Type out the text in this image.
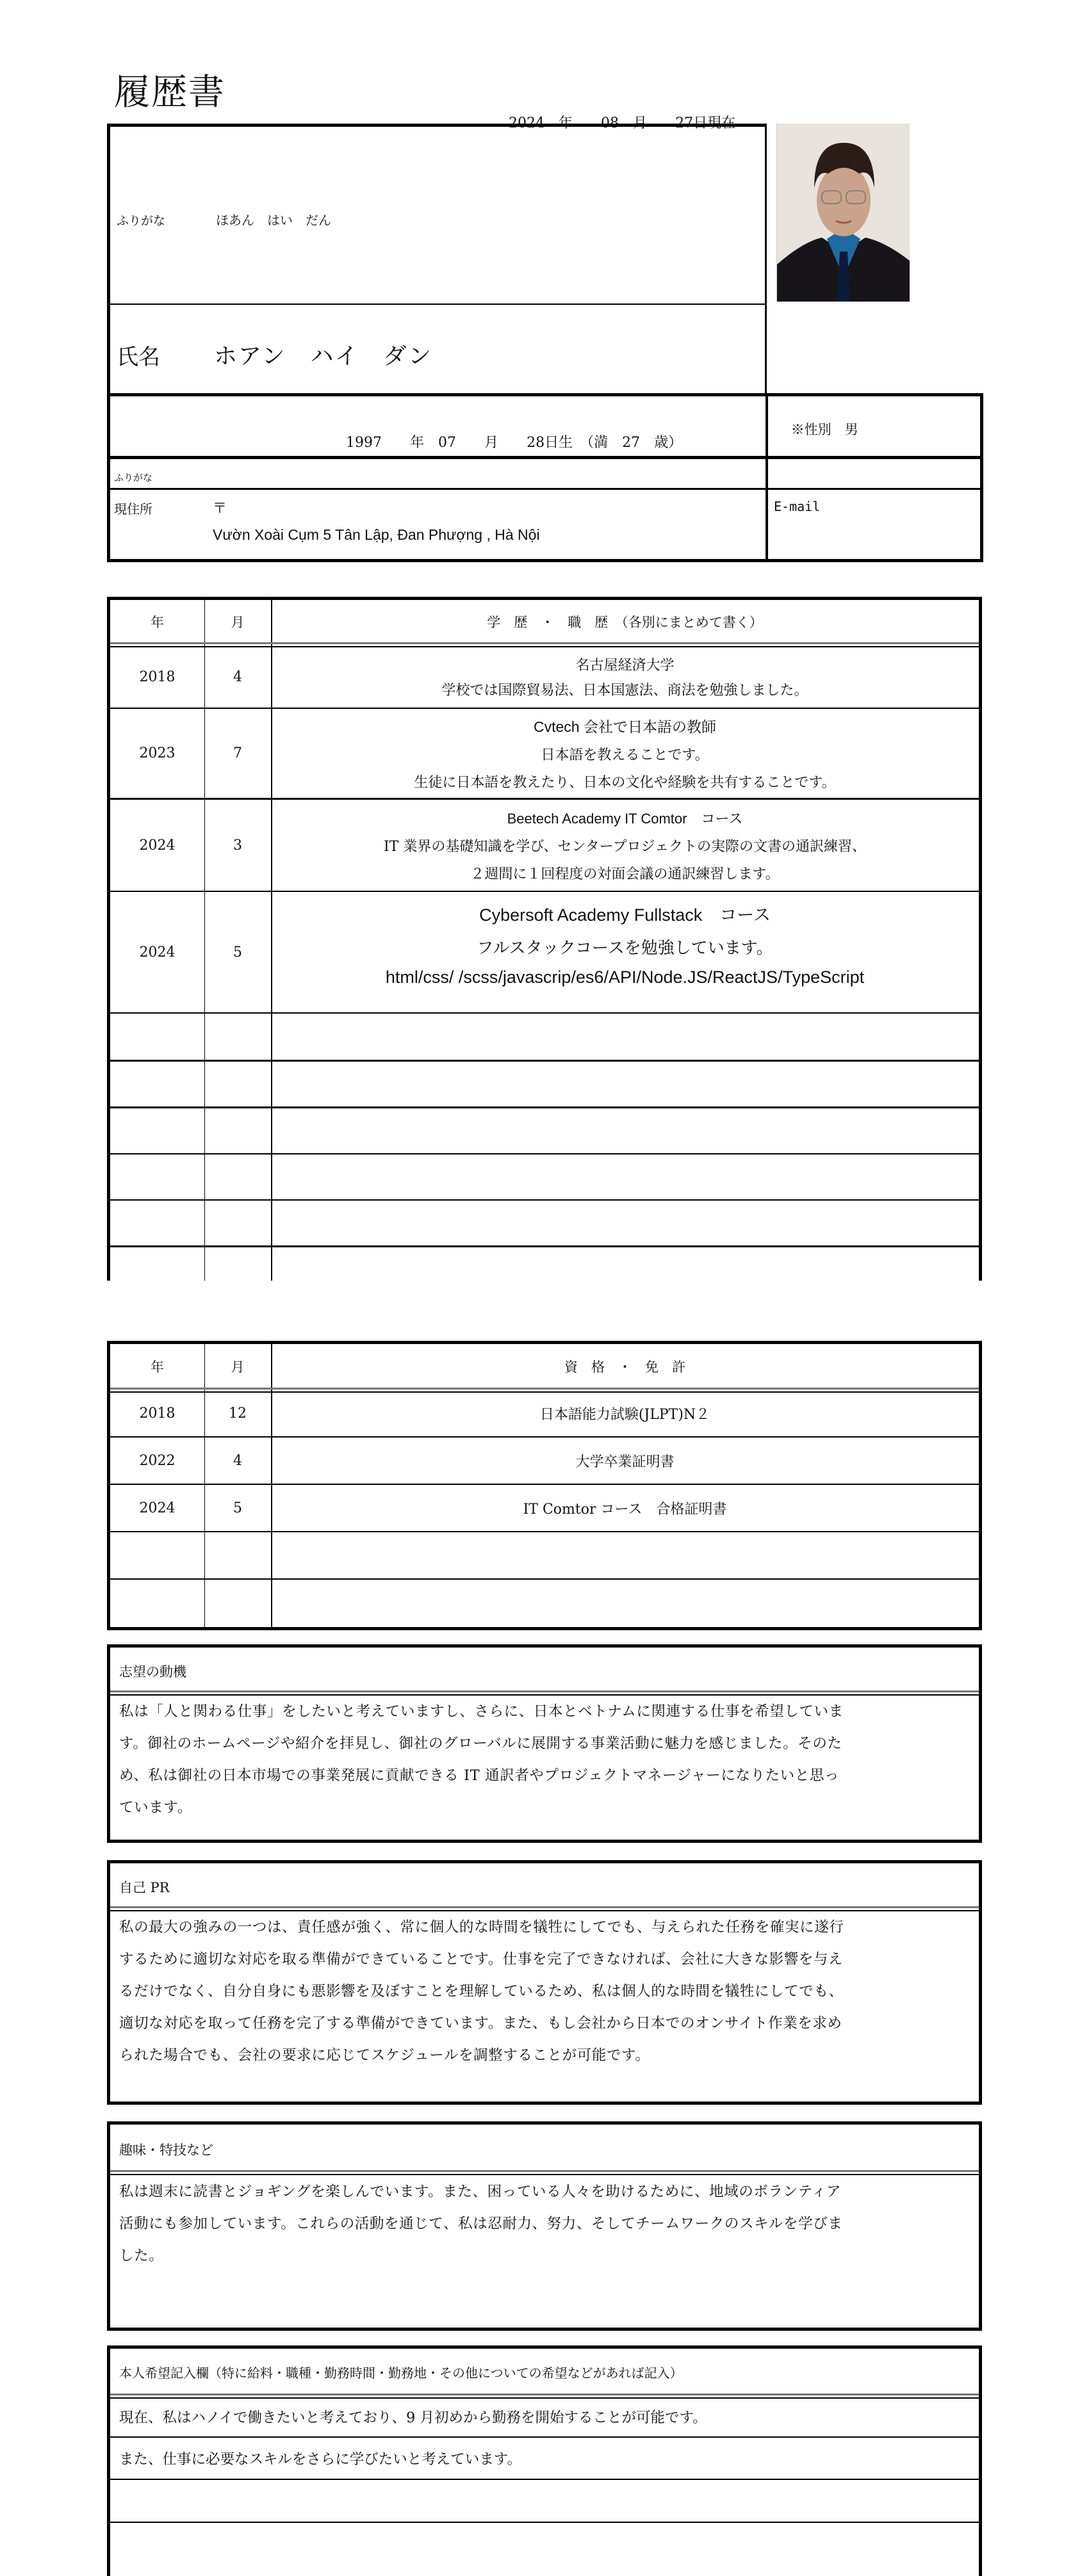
履歴書

2024　 年　　 08　 月　　 27日現在

ふりがな	ほあん　はい　だん
氏名 ホアン　ハイ　ダン

1997　　 年　 07　　 月　　 28日生　 （満　 27　 歳）

※性別　 男

ふりがな
現住所	〒
Vườn Xoài Cụm 5 Tân Lập, Đan Phượng , Hà Nội
E-mail
年	月	学　歴　・　職　歴　（各別にまとめて書く）
2018	4
名古屋経済大学
学校では国際貿易法、日本国憲法、商法を勉強しました。
2023	7
Cvtech 会社で日本語の教師
日本語を教えることです。
生徒に日本語を教えたり、日本の文化や経験を共有することです。
2024	3
Beetech Academy IT Comtor　コース
IT 業界の基礎知識を学び、センタープロジェクトの実際の文書の通訳練習、
２週間に１回程度の対面会議の通訳練習します。
2024	5
Cybersoft Academy Fullstack　コース
フルスタックコースを勉強しています。
html/css/ /scss/javascrip/es6/API/Node.JS/ReactJS/TypeScript
年	月	資　格　・　免　許
2018	12	日本語能力試験(JLPT)N２
2022	4	大学卒業証明書
2024	5	IT Comtor コース　合格証明書
志望の動機
私は「人と関わる仕事」をしたいと考えていますし、さらに、日本とベトナムに関連する仕事を希望していま
す。御社のホームページや紹介を拝見し、御社のグローバルに展開する事業活動に魅力を感じました。そのた
め、私は御社の日本市場での事業発展に貢献できる IT 通訳者やプロジェクトマネージャーになりたいと思っ
ています。
自己 PR
私の最大の強みの一つは、責任感が強く、常に個人的な時間を犠牲にしてでも、与えられた任務を確実に遂行
するために適切な対応を取る準備ができていることです。仕事を完了できなければ、会社に大きな影響を与え
るだけでなく、自分自身にも悪影響を及ぼすことを理解しているため、私は個人的な時間を犠牲にしてでも、
適切な対応を取って任務を完了する準備ができています。また、もし会社から日本でのオンサイト作業を求め
られた場合でも、会社の要求に応じてスケジュールを調整することが可能です。
趣味・特技など
私は週末に読書とジョギングを楽しんでいます。また、困っている人々を助けるために、地域のボランティア
活動にも参加しています。これらの活動を通じて、私は忍耐力、努力、そしてチームワークのスキルを学びま
した。
本人希望記入欄（特に給料・職種・勤務時間・勤務地・その他についての希望などがあれば記入）
現在、私はハノイで働きたいと考えており、9 月初めから勤務を開始することが可能です。
また、仕事に必要なスキルをさらに学びたいと考えています。
